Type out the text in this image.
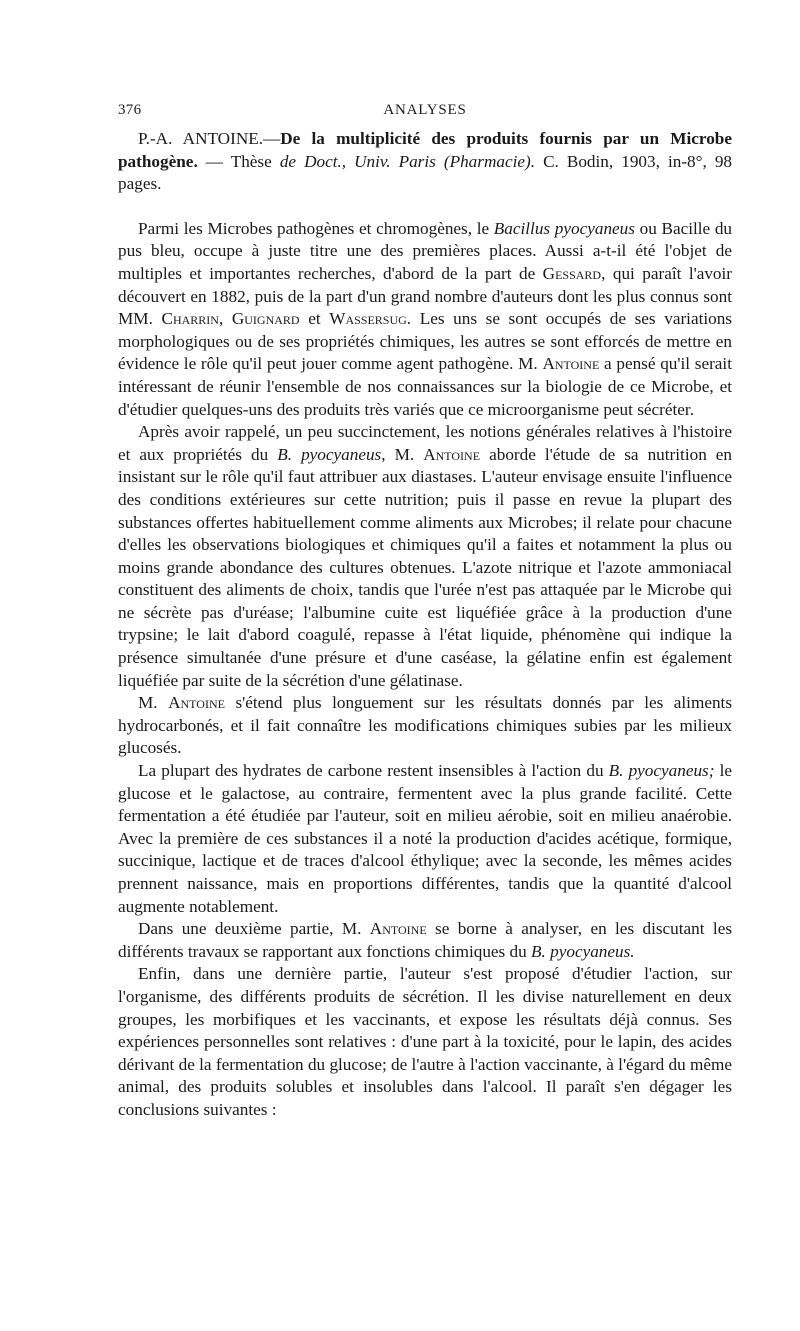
376	ANALYSES

P.-A. ANTOINE.—De la multiplicité des produits fournis par un Microbe pathogène. — Thèse de Doct., Univ. Paris (Pharmacie). C. Bodin, 1903, in-8°, 98 pages.

Parmi les Microbes pathogènes et chromogènes, le Bacillus pyocyaneus ou Bacille du pus bleu, occupe à juste titre une des premières places. Aussi a-t-il été l'objet de multiples et importantes recherches, d'abord de la part de Gessard, qui paraît l'avoir découvert en 1882, puis de la part d'un grand nombre d'auteurs dont les plus connus sont MM. Charrin, Guignard et Wassersug. Les uns se sont occupés de ses variations morphologiques ou de ses propriétés chimiques, les autres se sont efforcés de mettre en évidence le rôle qu'il peut jouer comme agent pathogène. M. Antoine a pensé qu'il serait intéressant de réunir l'ensemble de nos connaissances sur la biologie de ce Microbe, et d'étudier quelques-uns des produits très variés que ce microorganisme peut sécréter.

Après avoir rappelé, un peu succinctement, les notions générales relatives à l'histoire et aux propriétés du B. pyocyaneus, M. Antoine aborde l'étude de sa nutrition en insistant sur le rôle qu'il faut attribuer aux diastases. L'auteur envisage ensuite l'influence des conditions extérieures sur cette nutrition; puis il passe en revue la plupart des substances offertes habituellement comme aliments aux Microbes; il relate pour chacune d'elles les observations biologiques et chimiques qu'il a faites et notamment la plus ou moins grande abondance des cultures obtenues. L'azote nitrique et l'azote ammoniacal constituent des aliments de choix, tandis que l'urée n'est pas attaquée par le Microbe qui ne sécrète pas d'uréase; l'albumine cuite est liquéfiée grâce à la production d'une trypsine; le lait d'abord coagulé, repasse à l'état liquide, phénomène qui indique la présence simultanée d'une présure et d'une caséase, la gélatine enfin est également liquéfiée par suite de la sécrétion d'une gélatinase.

M. Antoine s'étend plus longuement sur les résultats donnés par les aliments hydrocarbonés, et il fait connaître les modifications chimiques subies par les milieux glucosés.

La plupart des hydrates de carbone restent insensibles à l'action du B. pyocyaneus; le glucose et le galactose, au contraire, fermentent avec la plus grande facilité. Cette fermentation a été étudiée par l'auteur, soit en milieu aérobie, soit en milieu anaérobie. Avec la première de ces substances il a noté la production d'acides acétique, formique, succinique, lactique et de traces d'alcool éthylique; avec la seconde, les mêmes acides prennent naissance, mais en proportions différentes, tandis que la quantité d'alcool augmente notablement.

Dans une deuxième partie, M. Antoine se borne à analyser, en les discutant les différents travaux se rapportant aux fonctions chimiques du B. pyocyaneus.

Enfin, dans une dernière partie, l'auteur s'est proposé d'étudier l'action, sur l'organisme, des différents produits de sécrétion. Il les divise naturellement en deux groupes, les morbifiques et les vaccinants, et expose les résultats déjà connus. Ses expériences personnelles sont relatives : d'une part à la toxicité, pour le lapin, des acides dérivant de la fermentation du glucose; de l'autre à l'action vaccinante, à l'égard du même animal, des produits solubles et insolubles dans l'alcool. Il paraît s'en dégager les conclusions suivantes :
